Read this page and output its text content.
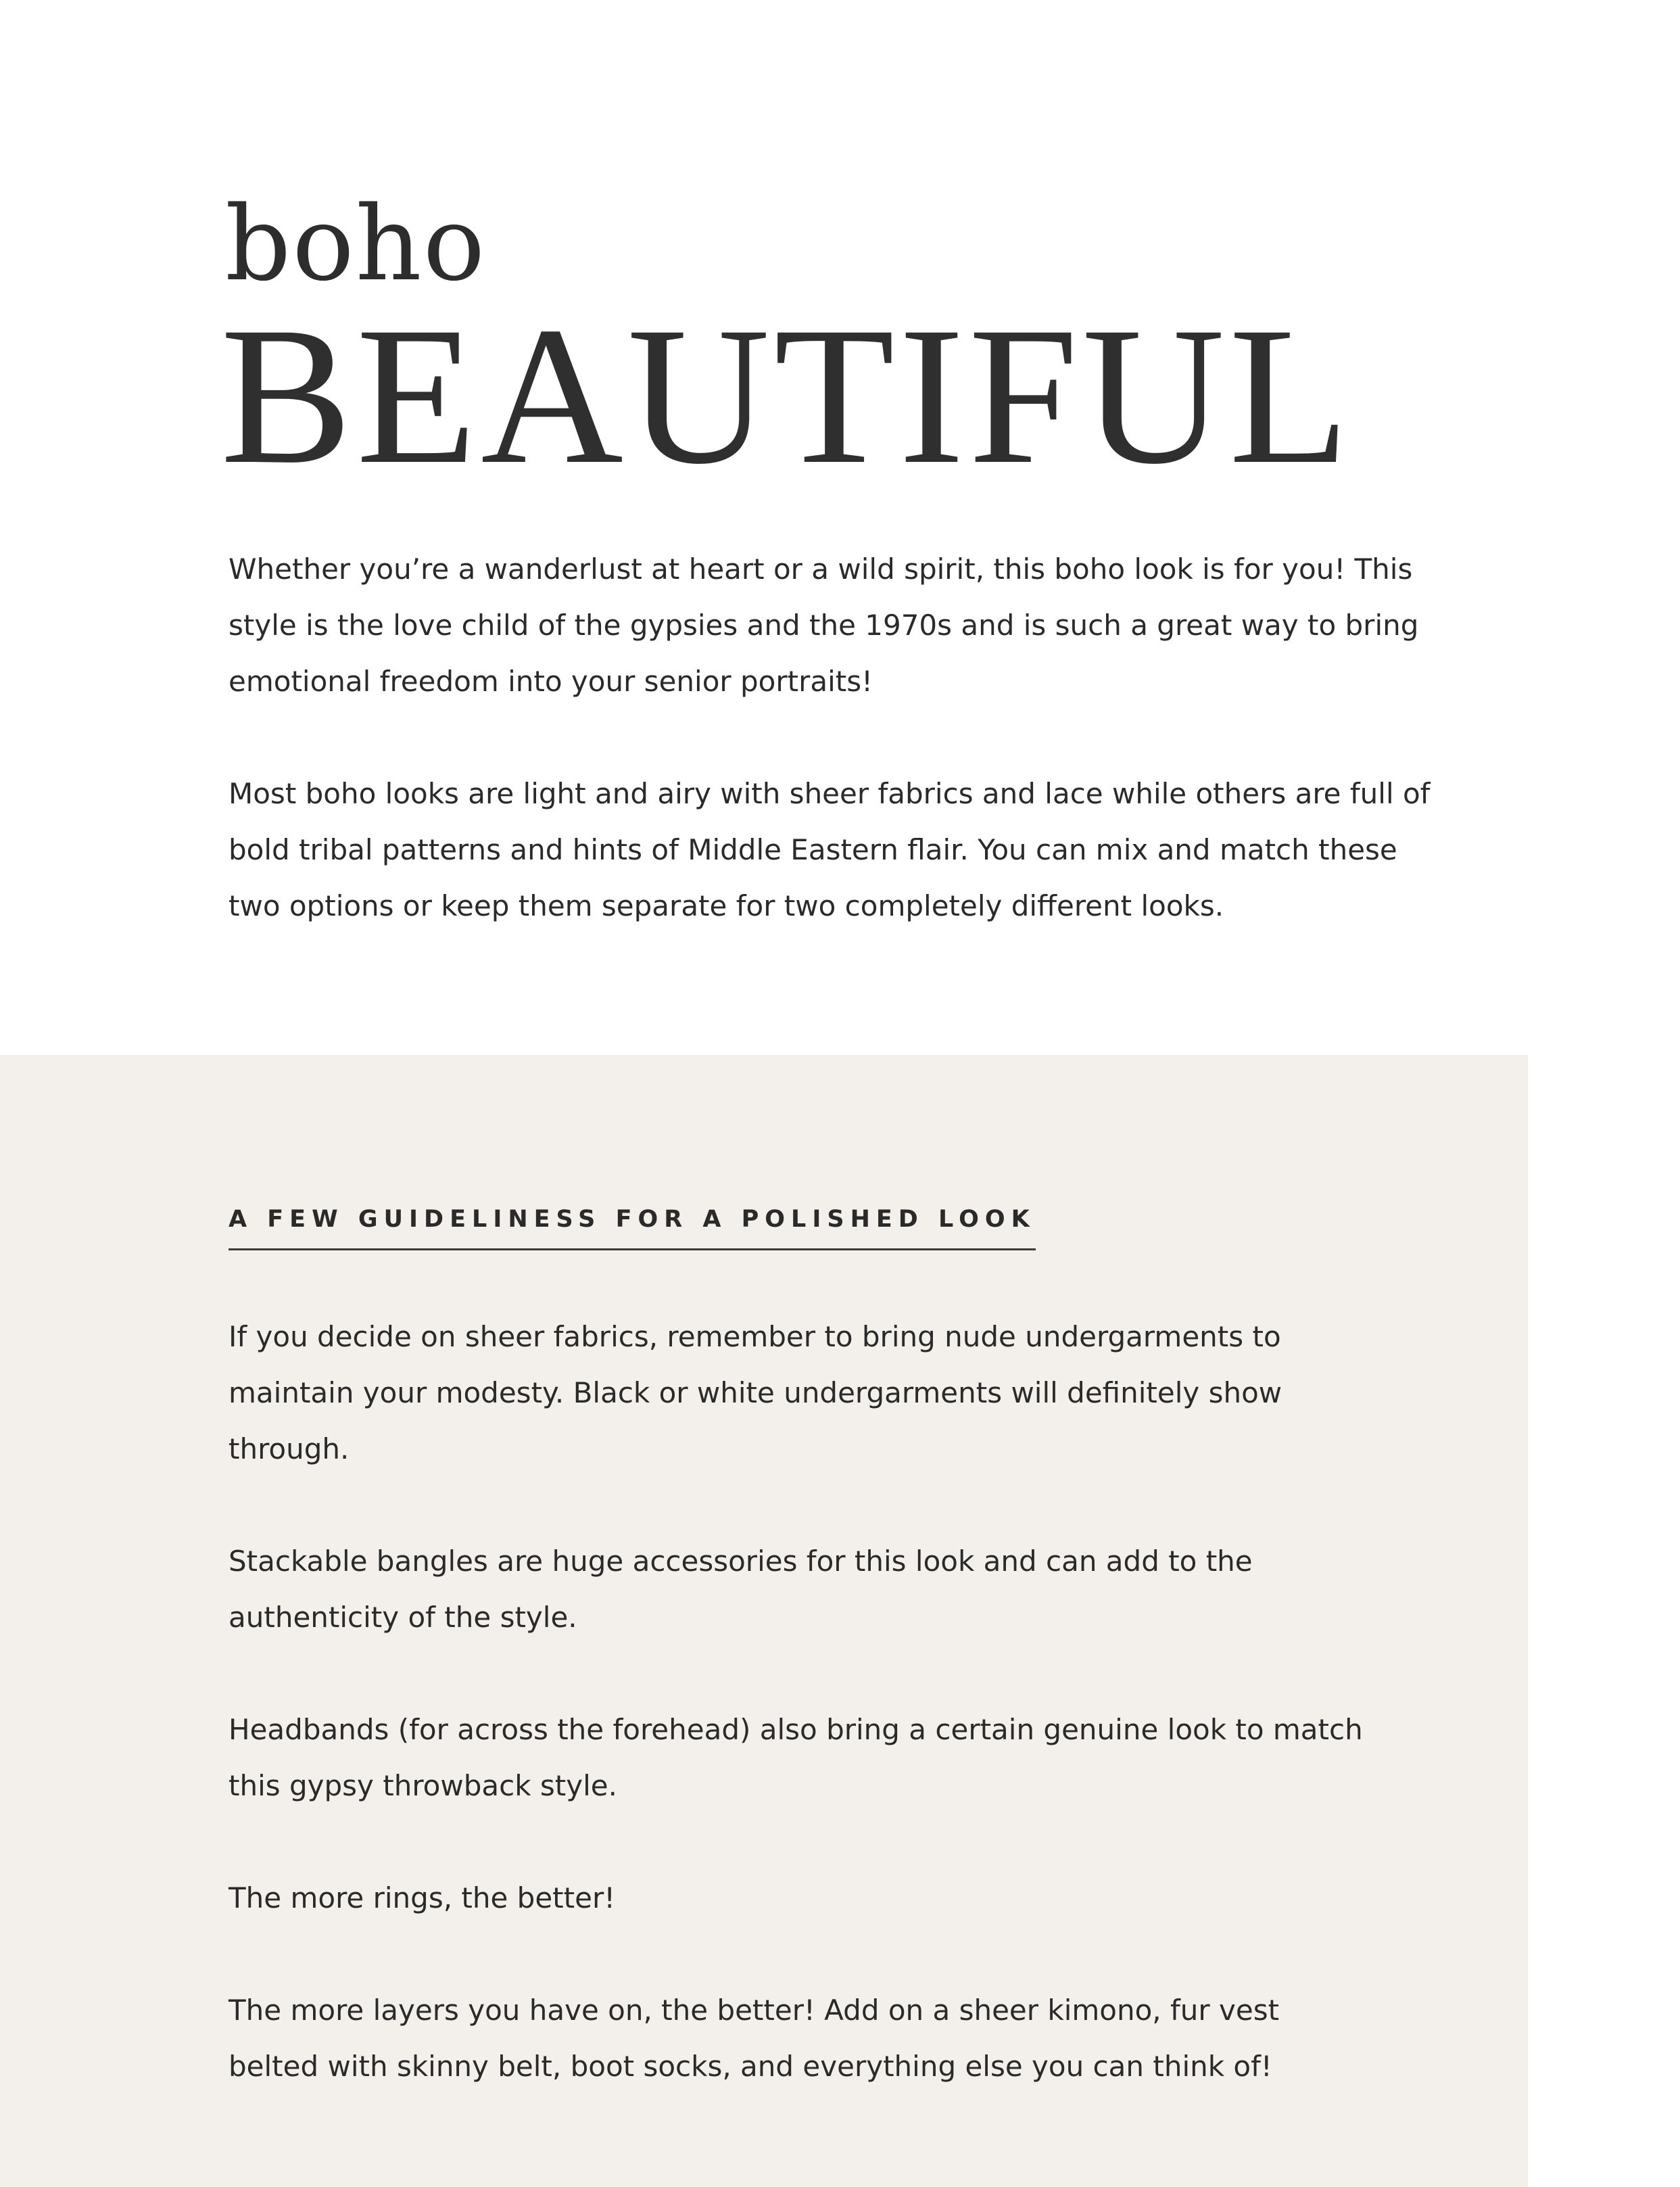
boho
BEAUTIFUL

Whether you’re a wanderlust at heart or a wild spirit, this boho look is for you! This style is the love child of the gypsies and the 1970s and is such a great way to bring emotional freedom into your senior portraits!

Most boho looks are light and airy with sheer fabrics and lace while others are full of bold tribal patterns and hints of Middle Eastern flair. You can mix and match these two options or keep them separate for two completely different looks.

A FEW GUIDELINESS FOR A POLISHED LOOK
If you decide on sheer fabrics, remember to bring nude undergarments to maintain your modesty. Black or white undergarments will definitely show through.
Stackable bangles are huge accessories for this look and can add to the authenticity of the style.
Headbands (for across the forehead) also bring a certain genuine look to match this gypsy throwback style.
The more rings, the better!
The more layers you have on, the better! Add on a sheer kimono, fur vest belted with skinny belt, boot socks, and everything else you can think of!
